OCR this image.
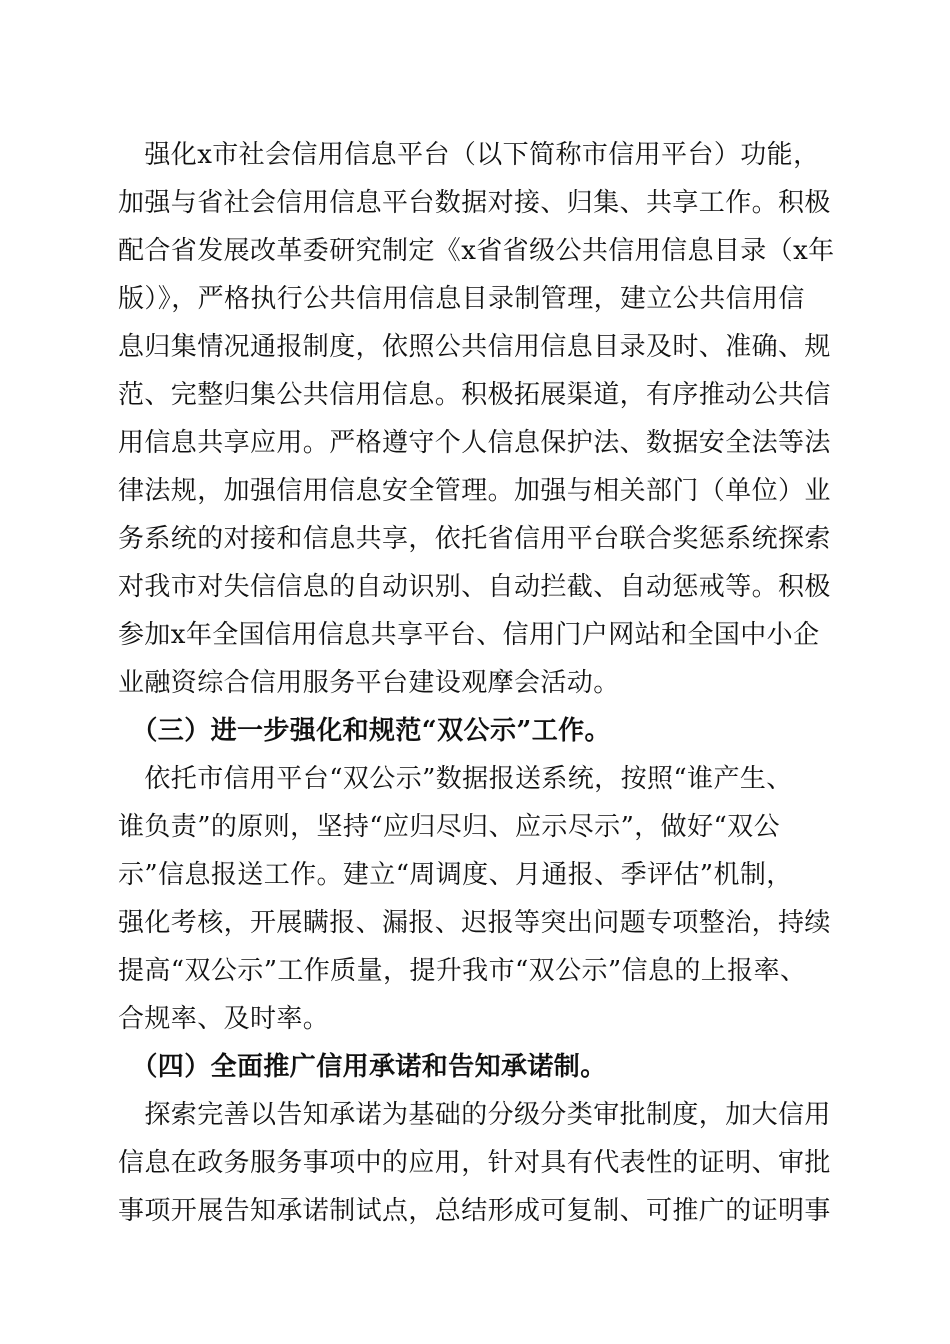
　强化x市社会信用信息平台（以下简称市信用平台）功能，
加强与省社会信用信息平台数据对接、归集、共享工作。积极
配合省发展改革委研究制定《x省省级公共信用信息目录（x年
版）》，严格执行公共信用信息目录制管理，建立公共信用信
息归集情况通报制度，依照公共信用信息目录及时、准确、规
范、完整归集公共信用信息。积极拓展渠道，有序推动公共信
用信息共享应用。严格遵守个人信息保护法、数据安全法等法
律法规，加强信用信息安全管理。加强与相关部门（单位）业
务系统的对接和信息共享，依托省信用平台联合奖惩系统探索
对我市对失信信息的自动识别、自动拦截、自动惩戒等。积极
参加x年全国信用信息共享平台、信用门户网站和全国中小企
业融资综合信用服务平台建设观摩会活动。
　（三）进一步强化和规范“双公示”工作。
　依托市信用平台“双公示”数据报送系统，按照“谁产生、
谁负责”的原则，坚持“应归尽归、应示尽示”，做好“双公
示”信息报送工作。建立“周调度、月通报、季评估”机制，
强化考核，开展瞒报、漏报、迟报等突出问题专项整治，持续
提高“双公示”工作质量，提升我市“双公示”信息的上报率、
合规率、及时率。
　（四）全面推广信用承诺和告知承诺制。
　探索完善以告知承诺为基础的分级分类审批制度，加大信用
信息在政务服务事项中的应用，针对具有代表性的证明、审批
事项开展告知承诺制试点，总结形成可复制、可推广的证明事
